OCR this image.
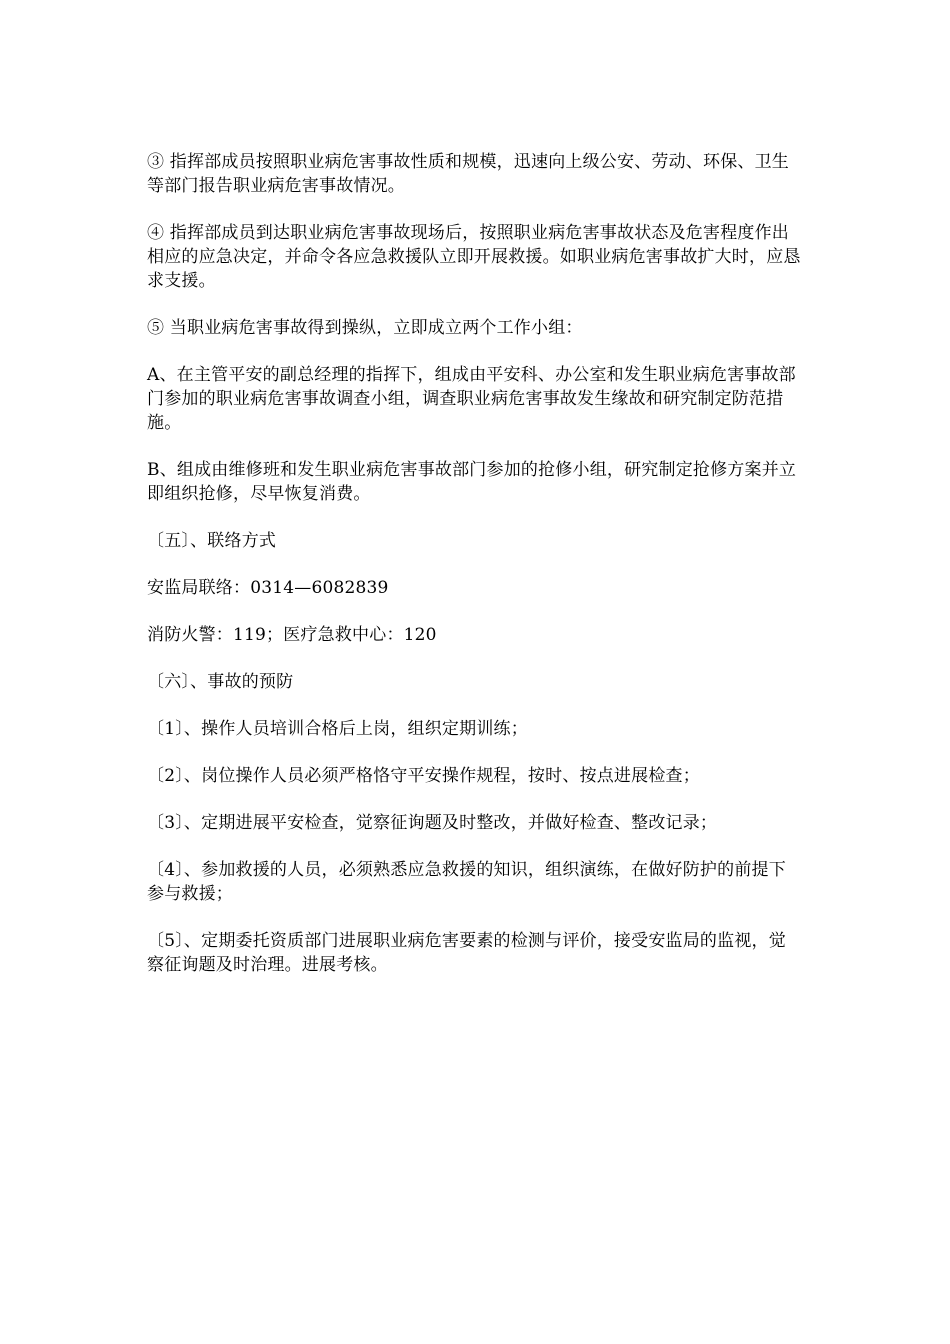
③ 指挥部成员按照职业病危害事故性质和规模，迅速向上级公安、劳动、环保、卫生等部门报告职业病危害事故情况。

④ 指挥部成员到达职业病危害事故现场后，按照职业病危害事故状态及危害程度作出相应的应急决定，并命令各应急救援队立即开展救援。如职业病危害事故扩大时，应恳求支援。

⑤ 当职业病危害事故得到操纵，立即成立两个工作小组：

A、在主管平安的副总经理的指挥下，组成由平安科、办公室和发生职业病危害事故部门参加的职业病危害事故调查小组，调查职业病危害事故发生缘故和研究制定防范措施。

B、组成由维修班和发生职业病危害事故部门参加的抢修小组，研究制定抢修方案并立即组织抢修，尽早恢复消费。

〔五〕、联络方式

安监局联络：0314—6082839

消防火警：119；医疗急救中心：120

〔六〕、事故的预防

〔1〕、操作人员培训合格后上岗，组织定期训练；

〔2〕、岗位操作人员必须严格恪守平安操作规程，按时、按点进展检查；

〔3〕、定期进展平安检查，觉察征询题及时整改，并做好检查、整改记录；

〔4〕、参加救援的人员，必须熟悉应急救援的知识，组织演练，在做好防护的前提下参与救援；

〔5〕、定期委托资质部门进展职业病危害要素的检测与评价，接受安监局的监视，觉察征询题及时治理。进展考核。
